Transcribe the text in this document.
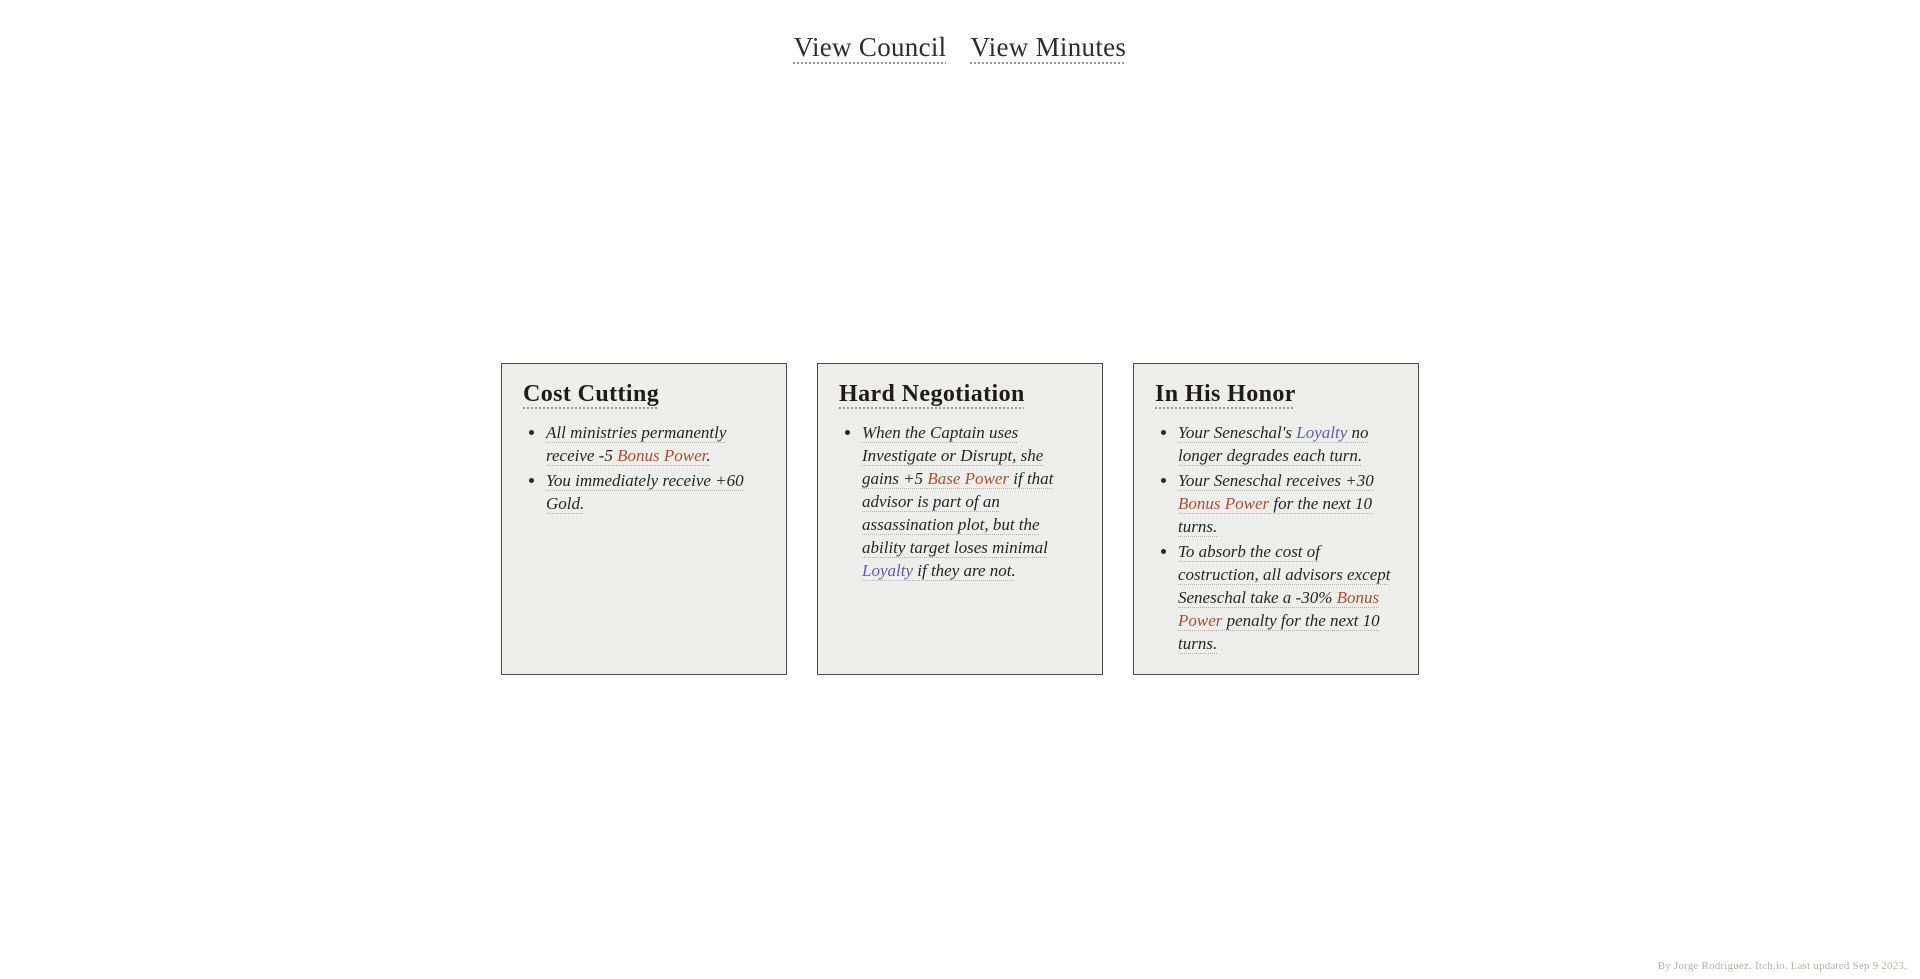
View Council View Minutes
Cost Cutting
• All ministries permanently receive -5 Bonus Power.
• You immediately receive +60 Gold.
Hard Negotiation
• When the Captain uses Investigate or Disrupt, she gains +5 Base Power if that advisor is part of an assassination plot, but the ability target loses minimal Loyalty if they are not.
In His Honor
• Your Seneschal's Loyalty no longer degrades each turn.
• Your Seneschal receives +30 Bonus Power for the next 10 turns.
• To absorb the cost of costruction, all advisors except Seneschal take a -30% Bonus Power penalty for the next 10 turns.
By Jorge Rodriguez. Itch.io. Last updated Sep 9 2023.
